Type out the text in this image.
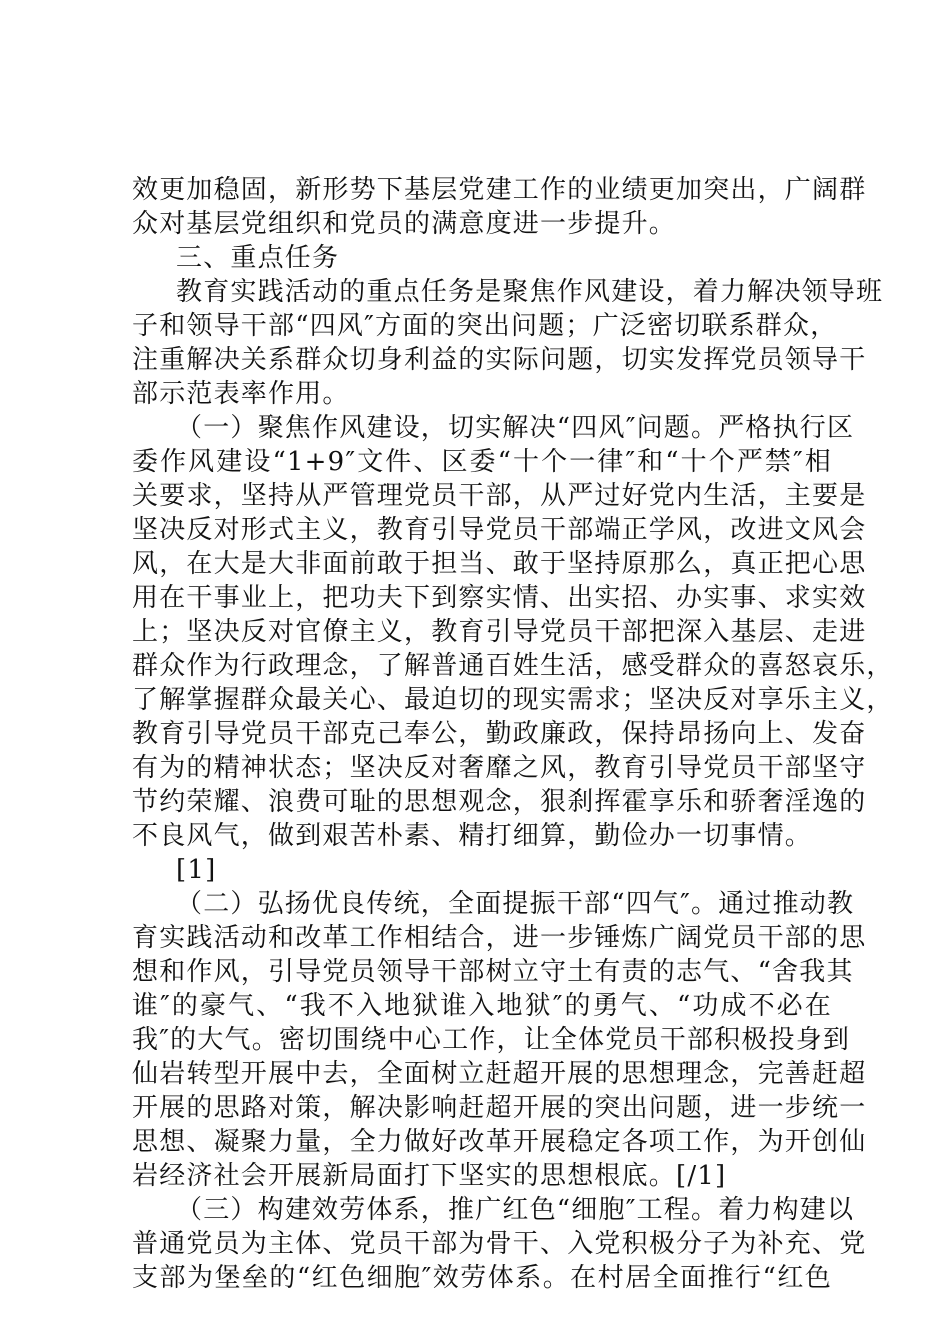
效更加稳固，新形势下基层党建工作的业绩更加突出，广阔群
众对基层党组织和党员的满意度进一步提升。
三、重点任务
教育实践活动的重点任务是聚焦作风建设，着力解决领导班
子和领导干部“四风″方面的突出问题；广泛密切联系群众，
注重解决关系群众切身利益的实际问题，切实发挥党员领导干
部示范表率作用。
（一）聚焦作风建设，切实解决“四风″问题。严格执行区
委作风建设“1+9″文件、区委“十个一律″和“十个严禁″相
关要求，坚持从严管理党员干部，从严过好党内生活，主要是
坚决反对形式主义，教育引导党员干部端正学风，改进文风会
风，在大是大非面前敢于担当、敢于坚持原那么，真正把心思
用在干事业上，把功夫下到察实情、出实招、办实事、求实效
上；坚决反对官僚主义，教育引导党员干部把深入基层、走进
群众作为行政理念，了解普通百姓生活，感受群众的喜怒哀乐，
了解掌握群众最关心、最迫切的现实需求；坚决反对享乐主义，
教育引导党员干部克己奉公，勤政廉政，保持昂扬向上、发奋
有为的精神状态；坚决反对奢靡之风，教育引导党员干部坚守
节约荣耀、浪费可耻的思想观念，狠刹挥霍享乐和骄奢淫逸的
不良风气，做到艰苦朴素、精打细算，勤俭办一切事情。
[1]
（二）弘扬优良传统，全面提振干部“四气″。通过推动教
育实践活动和改革工作相结合，进一步锤炼广阔党员干部的思
想和作风，引导党员领导干部树立守土有责的志气、“舍我其
谁″的豪气、“我不入地狱谁入地狱″的勇气、“功成不必在
我″的大气。密切围绕中心工作，让全体党员干部积极投身到
仙岩转型开展中去，全面树立赶超开展的思想理念，完善赶超
开展的思路对策，解决影响赶超开展的突出问题，进一步统一
思想、凝聚力量，全力做好改革开展稳定各项工作，为开创仙
岩经济社会开展新局面打下坚实的思想根底。[/1]
（三）构建效劳体系，推广红色“细胞″工程。着力构建以
普通党员为主体、党员干部为骨干、入党积极分子为补充、党
支部为堡垒的“红色细胞″效劳体系。在村居全面推行“红色
